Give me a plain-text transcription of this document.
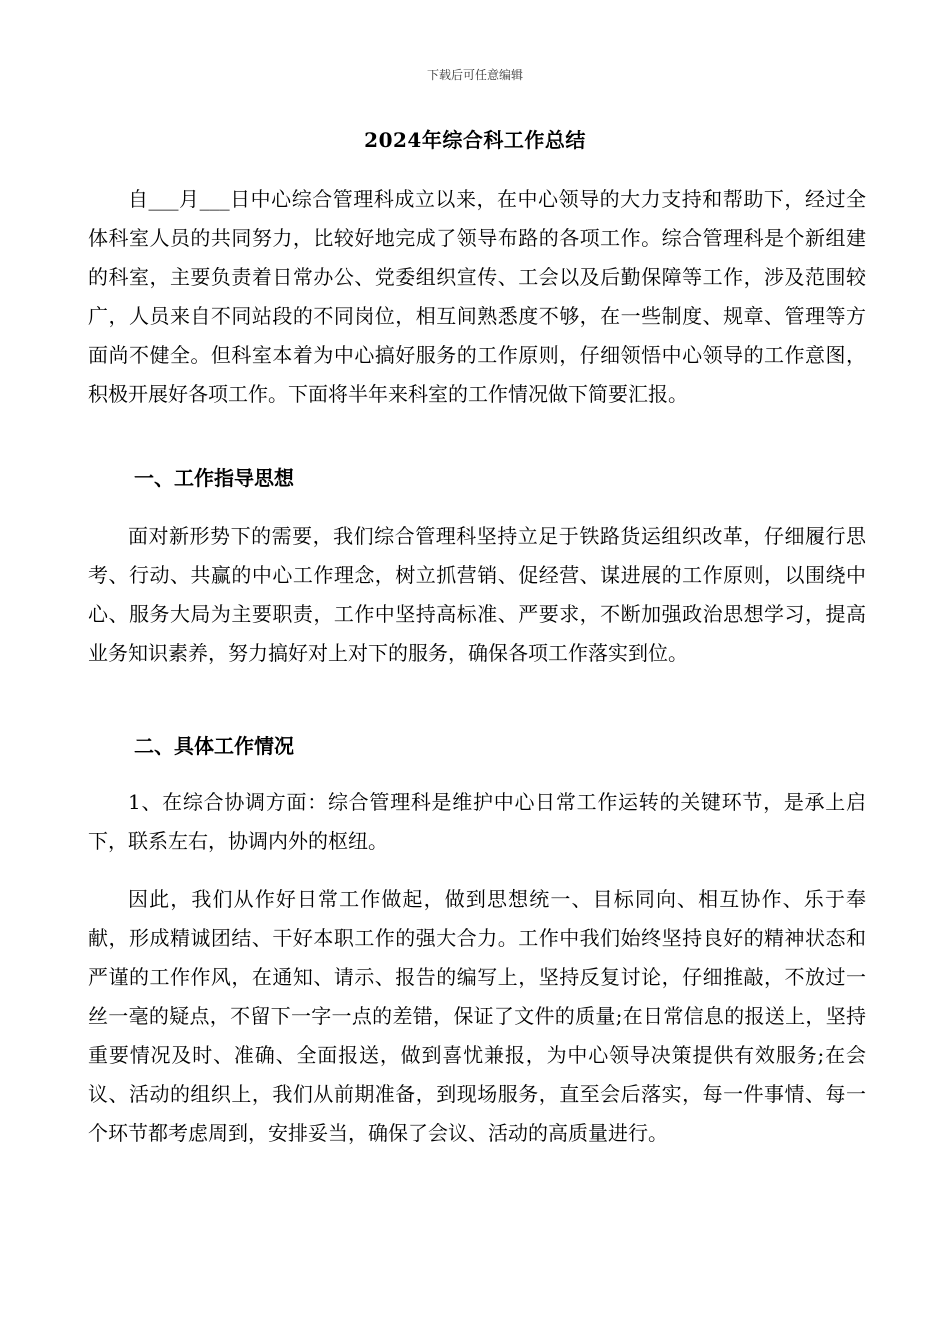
下载后可任意编辑
2024年综合科工作总结

自___月___日中心综合管理科成立以来，在中心领导的大力支持和帮助下，经过全体科室人员的共同努力，比较好地完成了领导布路的各项工作。综合管理科是个新组建的科室，主要负责着日常办公、党委组织宣传、工会以及后勤保障等工作，涉及范围较广，人员来自不同站段的不同岗位，相互间熟悉度不够，在一些制度、规章、管理等方面尚不健全。但科室本着为中心搞好服务的工作原则，仔细领悟中心领导的工作意图，积极开展好各项工作。下面将半年来科室的工作情况做下简要汇报。

一、工作指导思想

面对新形势下的需要，我们综合管理科坚持立足于铁路货运组织改革，仔细履行思考、行动、共赢的中心工作理念，树立抓营销、促经营、谋进展的工作原则，以围绕中心、服务大局为主要职责，工作中坚持高标准、严要求，不断加强政治思想学习，提高业务知识素养，努力搞好对上对下的服务，确保各项工作落实到位。

二、具体工作情况

1、在综合协调方面：综合管理科是维护中心日常工作运转的关键环节，是承上启下，联系左右，协调内外的枢纽。

因此，我们从作好日常工作做起，做到思想统一、目标同向、相互协作、乐于奉献，形成精诚团结、干好本职工作的强大合力。工作中我们始终坚持良好的精神状态和严谨的工作作风，在通知、请示、报告的编写上，坚持反复讨论，仔细推敲，不放过一丝一毫的疑点，不留下一字一点的差错，保证了文件的质量;在日常信息的报送上，坚持重要情况及时、准确、全面报送，做到喜忧兼报，为中心领导决策提供有效服务;在会议、活动的组织上，我们从前期准备，到现场服务，直至会后落实，每一件事情、每一个环节都考虑周到，安排妥当，确保了会议、活动的高质量进行。
